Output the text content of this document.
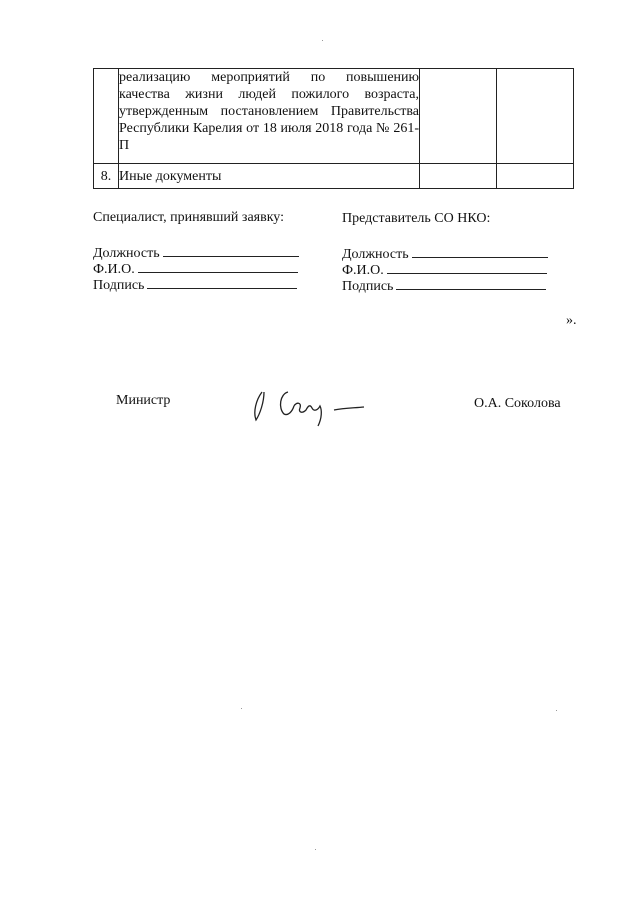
	реализацию мероприятий по повышению качества жизни людей пожилого возраста, утвержденным постановлением Правительства Республики Карелия от 18 июля 2018 года № 261-П		
8.	Иные документы		
Специалист, принявший заявку:
Должность
Ф.И.О.
Подпись
Представитель СО НКО:
Должность
Ф.И.О.
Подпись
».
Министр	О.А. Соколова
